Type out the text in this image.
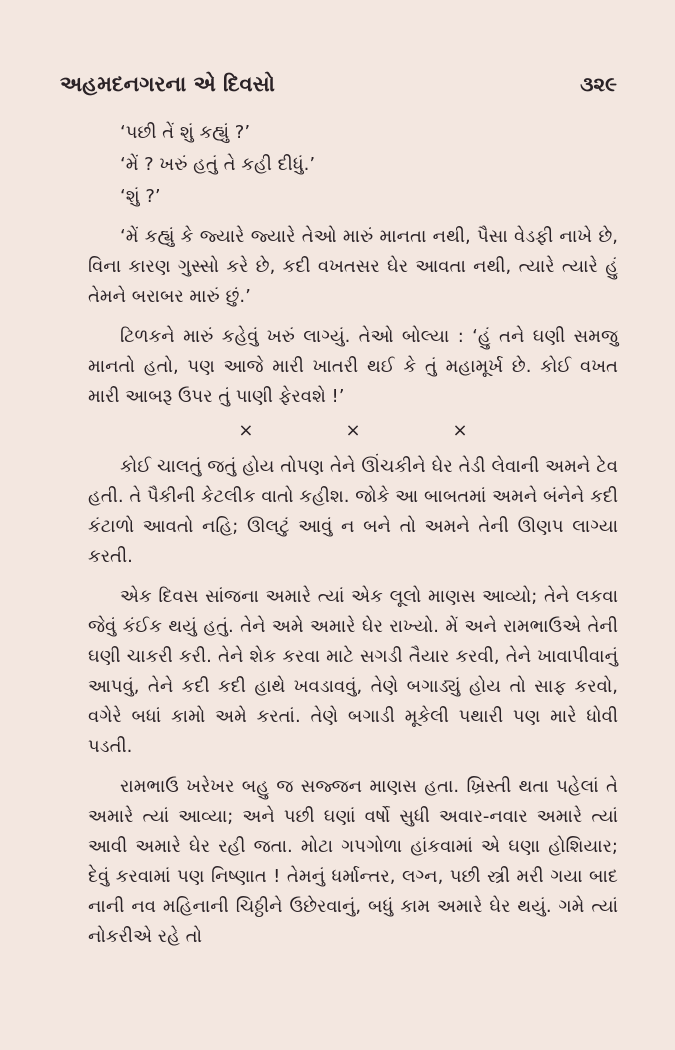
અહમદનગરના એ દિવસો	૩૨૯

‘પછી તેં શું કહ્યું ?’

‘મેં ? ખરું હતું તે કહી દીધું.’

‘શું ?’

‘મેં કહ્યું કે જ્યારે જ્યારે તેઓ મારું માનતા નથી, પૈસા વેડફી નાખે છે, વિના કારણ ગુસ્સો કરે છે, કદી વખતસર ઘેર આવતા નથી, ત્યારે ત્યારે હું તેમને બરાબર મારું છું.’

ટિળકને મારું કહેવું ખરું લાગ્યું. તેઓ બોલ્યા : ‘હું તને ઘણી સમજુ માનતો હતો, પણ આજે મારી ખાતરી થઈ કે તું મહામૂર્ખ છે. કોઈ વખત મારી આબરૂ ઉપર તું પાણી ફેરવશે !’

×	×	×

કોઈ ચાલતું જતું હોય તોપણ તેને ઊંચકીને ઘેર તેડી લેવાની અમને ટેવ હતી. તે પૈકીની કેટલીક વાતો કહીશ. જોકે આ બાબતમાં અમને બંનેને કદી કંટાળો આવતો નહિ; ઊલટું આવું ન બને તો અમને તેની ઊણપ લાગ્યા કરતી.

એક દિવસ સાંજના અમારે ત્યાં એક લૂલો માણસ આવ્યો; તેને લકવા જેવું કંઈક થયું હતું. તેને અમે અમારે ઘેર રાખ્યો. મેં અને રામભાઉએ તેની ઘણી ચાકરી કરી. તેને શેક કરવા માટે સગડી તૈયાર કરવી, તેને ખાવાપીવાનું આપવું, તેને કદી કદી હાથે ખવડાવવું, તેણે બગાડ્યું હોય તો સાફ કરવો, વગેરે બધાં કામો અમે કરતાં. તેણે બગાડી મૂકેલી પથારી પણ મારે ધોવી પડતી.

રામભાઉ ખરેખર બહુ જ સજ્જન માણસ હતા. ખ્રિસ્તી થતા પહેલાં તે અમારે ત્યાં આવ્યા; અને પછી ઘણાં વર્ષો સુધી અવાર-નવાર અમારે ત્યાં આવી અમારે ઘેર રહી જતા. મોટા ગપગોળા હાંકવામાં એ ઘણા હોશિયાર; દેવું કરવામાં પણ નિષ્ણાત ! તેમનું ધર્માન્તર, લગ્ન, પછી સ્ત્રી મરી ગયા બાદ નાની નવ મહિનાની ચિઠ્ઠીને ઉછેરવાનું, બધું કામ અમારે ઘેર થયું. ગમે ત્યાં નોકરીએ રહે તો
